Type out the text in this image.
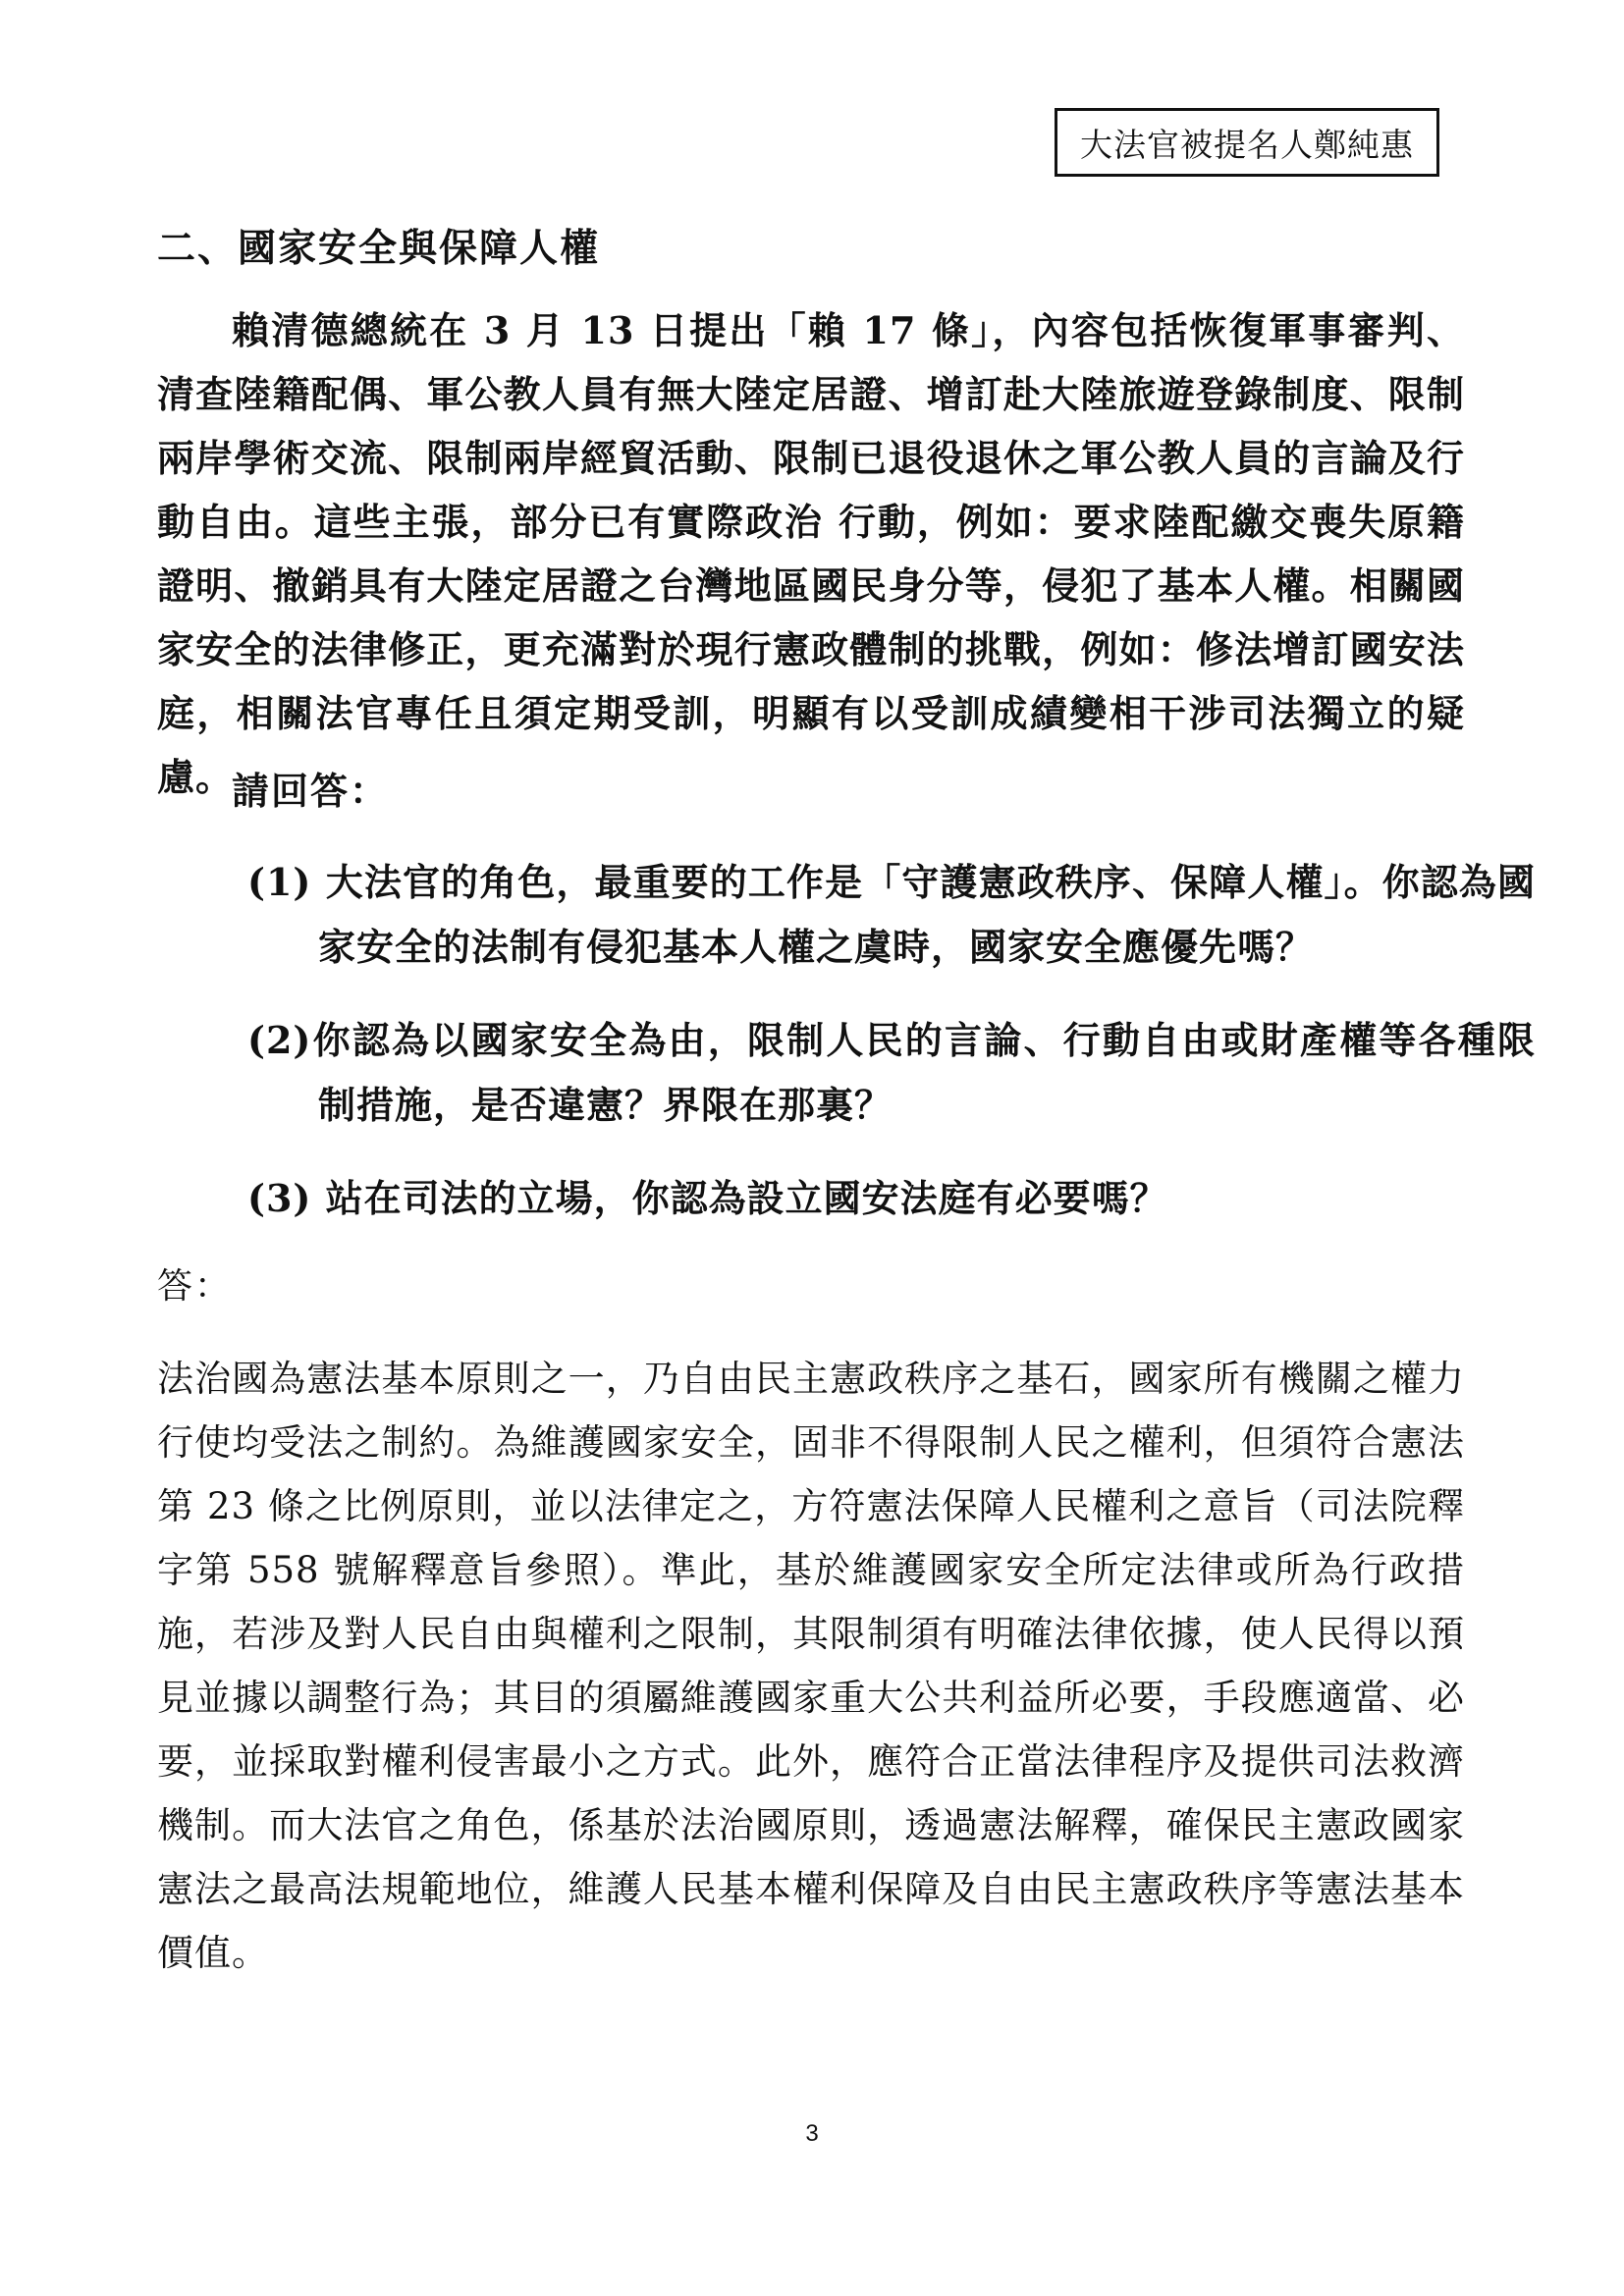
大法官被提名人鄭純惠
二、國家安全與保障人權

賴清德總統在 3 月 13 日提出「賴 17 條」，內容包括恢復軍事審判、清查陸籍配偶、軍公教人員有無大陸定居證、增訂赴大陸旅遊登錄制度、限制兩岸學術交流、限制兩岸經貿活動、限制已退役退休之軍公教人員的言論及行動自由。這些主張，部分已有實際政治 行動，例如：要求陸配繳交喪失原籍證明、撤銷具有大陸定居證之台灣地區國民身分等，侵犯了基本人權。相關國家安全的法律修正，更充滿對於現行憲政體制的挑戰，例如：修法增訂國安法庭，相關法官專任且須定期受訓，明顯有以受訓成績變相干涉司法獨立的疑慮。

請回答：

(1) 大法官的角色，最重要的工作是「守護憲政秩序、保障人權」。你認為國家安全的法制有侵犯基本人權之虞時，國家安全應優先嗎？

(2)你認為以國家安全為由，限制人民的言論、行動自由或財產權等各種限制措施，是否違憲？界限在那裏？

(3) 站在司法的立場，你認為設立國安法庭有必要嗎？

答：

法治國為憲法基本原則之一，乃自由民主憲政秩序之基石，國家所有機關之權力行使均受法之制約。為維護國家安全，固非不得限制人民之權利，但須符合憲法第 23 條之比例原則，並以法律定之，方符憲法保障人民權利之意旨（司法院釋字第 558 號解釋意旨參照）。準此，基於維護國家安全所定法律或所為行政措施，若涉及對人民自由與權利之限制，其限制須有明確法律依據，使人民得以預見並據以調整行為；其目的須屬維護國家重大公共利益所必要，手段應適當、必要，並採取對權利侵害最小之方式。此外，應符合正當法律程序及提供司法救濟機制。而大法官之角色，係基於法治國原則，透過憲法解釋，確保民主憲政國家憲法之最高法規範地位，維護人民基本權利保障及自由民主憲政秩序等憲法基本價值。

3
